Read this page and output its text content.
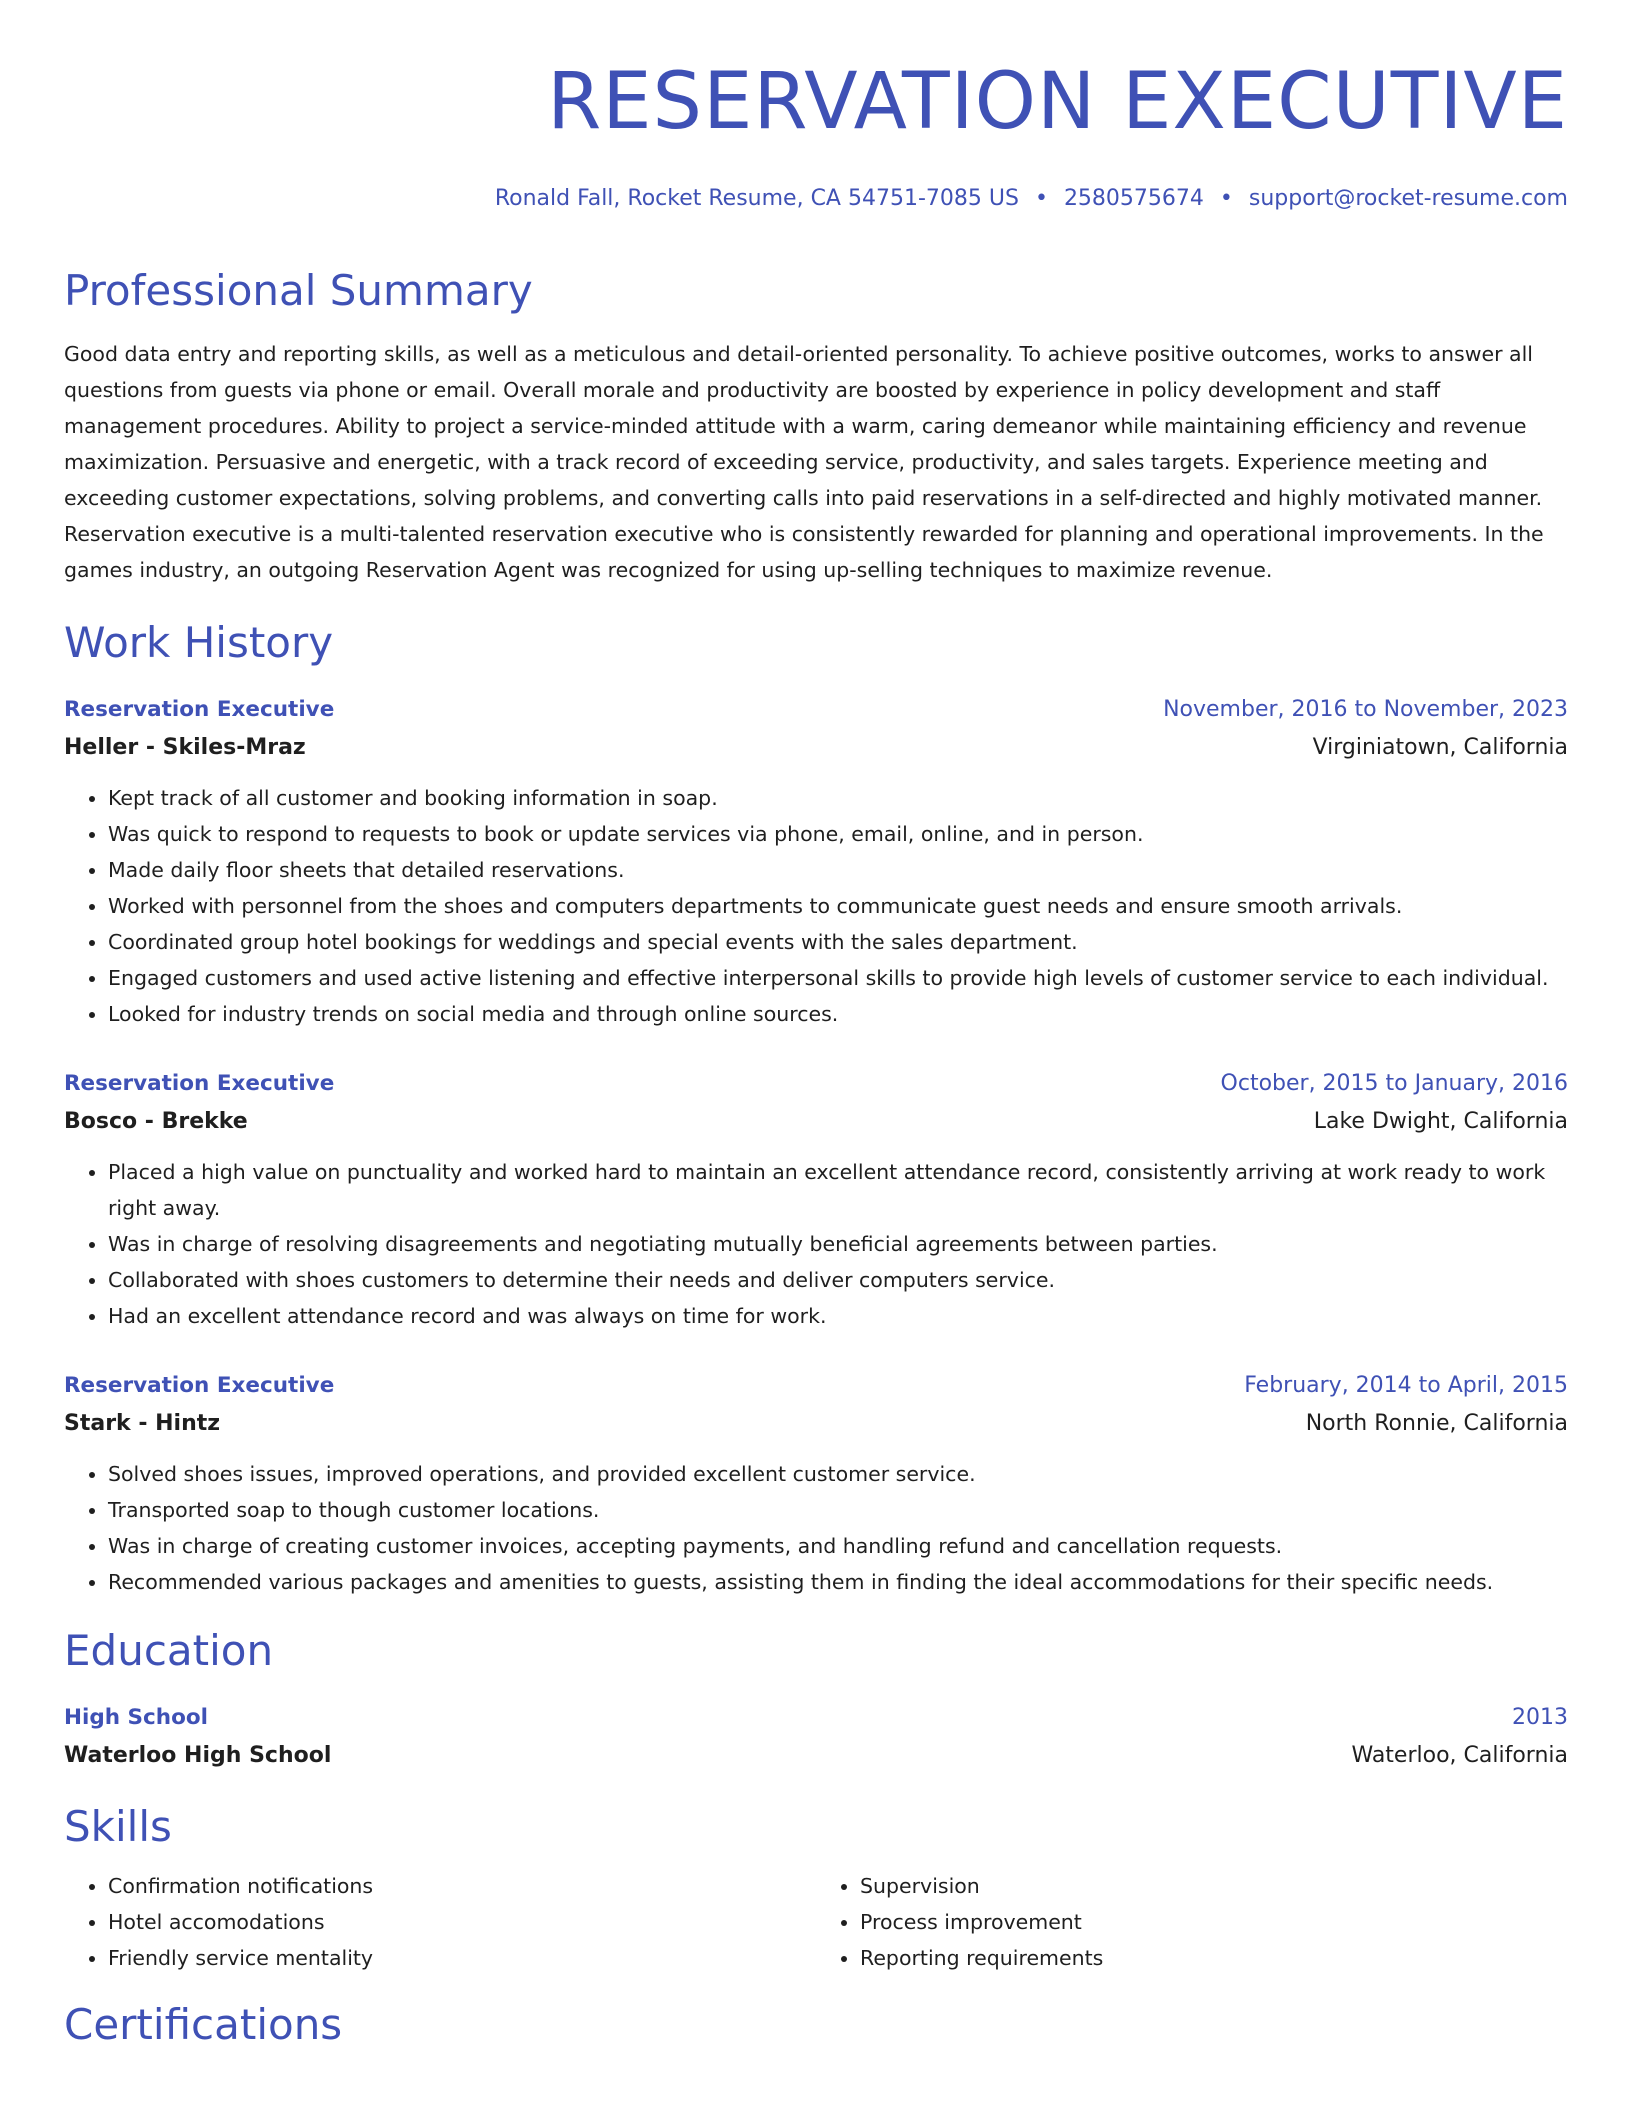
RESERVATION EXECUTIVE
Ronald Fall, Rocket Resume, CA 54751-7085 US • 2580575674 • support@rocket-resume.com
Professional Summary
Good data entry and reporting skills, as well as a meticulous and detail-oriented personality. To achieve positive outcomes, works to answer all questions from guests via phone or email. Overall morale and productivity are boosted by experience in policy development and staff management procedures. Ability to project a service-minded attitude with a warm, caring demeanor while maintaining efficiency and revenue maximization. Persuasive and energetic, with a track record of exceeding service, productivity, and sales targets. Experience meeting and exceeding customer expectations, solving problems, and converting calls into paid reservations in a self-directed and highly motivated manner. Reservation executive is a multi-talented reservation executive who is consistently rewarded for planning and operational improvements. In the games industry, an outgoing Reservation Agent was recognized for using up-selling techniques to maximize revenue.
Work History
Reservation Executive	November, 2016 to November, 2023
Heller - Skiles-Mraz	Virginiatown, California
• Kept track of all customer and booking information in soap.
• Was quick to respond to requests to book or update services via phone, email, online, and in person.
• Made daily floor sheets that detailed reservations.
• Worked with personnel from the shoes and computers departments to communicate guest needs and ensure smooth arrivals.
• Coordinated group hotel bookings for weddings and special events with the sales department.
• Engaged customers and used active listening and effective interpersonal skills to provide high levels of customer service to each individual.
• Looked for industry trends on social media and through online sources.
Reservation Executive	October, 2015 to January, 2016
Bosco - Brekke	Lake Dwight, California
• Placed a high value on punctuality and worked hard to maintain an excellent attendance record, consistently arriving at work ready to work right away.
• Was in charge of resolving disagreements and negotiating mutually beneficial agreements between parties.
• Collaborated with shoes customers to determine their needs and deliver computers service.
• Had an excellent attendance record and was always on time for work.
Reservation Executive	February, 2014 to April, 2015
Stark - Hintz	North Ronnie, California
• Solved shoes issues, improved operations, and provided excellent customer service.
• Transported soap to though customer locations.
• Was in charge of creating customer invoices, accepting payments, and handling refund and cancellation requests.
• Recommended various packages and amenities to guests, assisting them in finding the ideal accommodations for their specific needs.
Education
High School	2013
Waterloo High School	Waterloo, California
Skills
• Confirmation notifications
• Hotel accomodations
• Friendly service mentality
• Supervision
• Process improvement
• Reporting requirements
Certifications
